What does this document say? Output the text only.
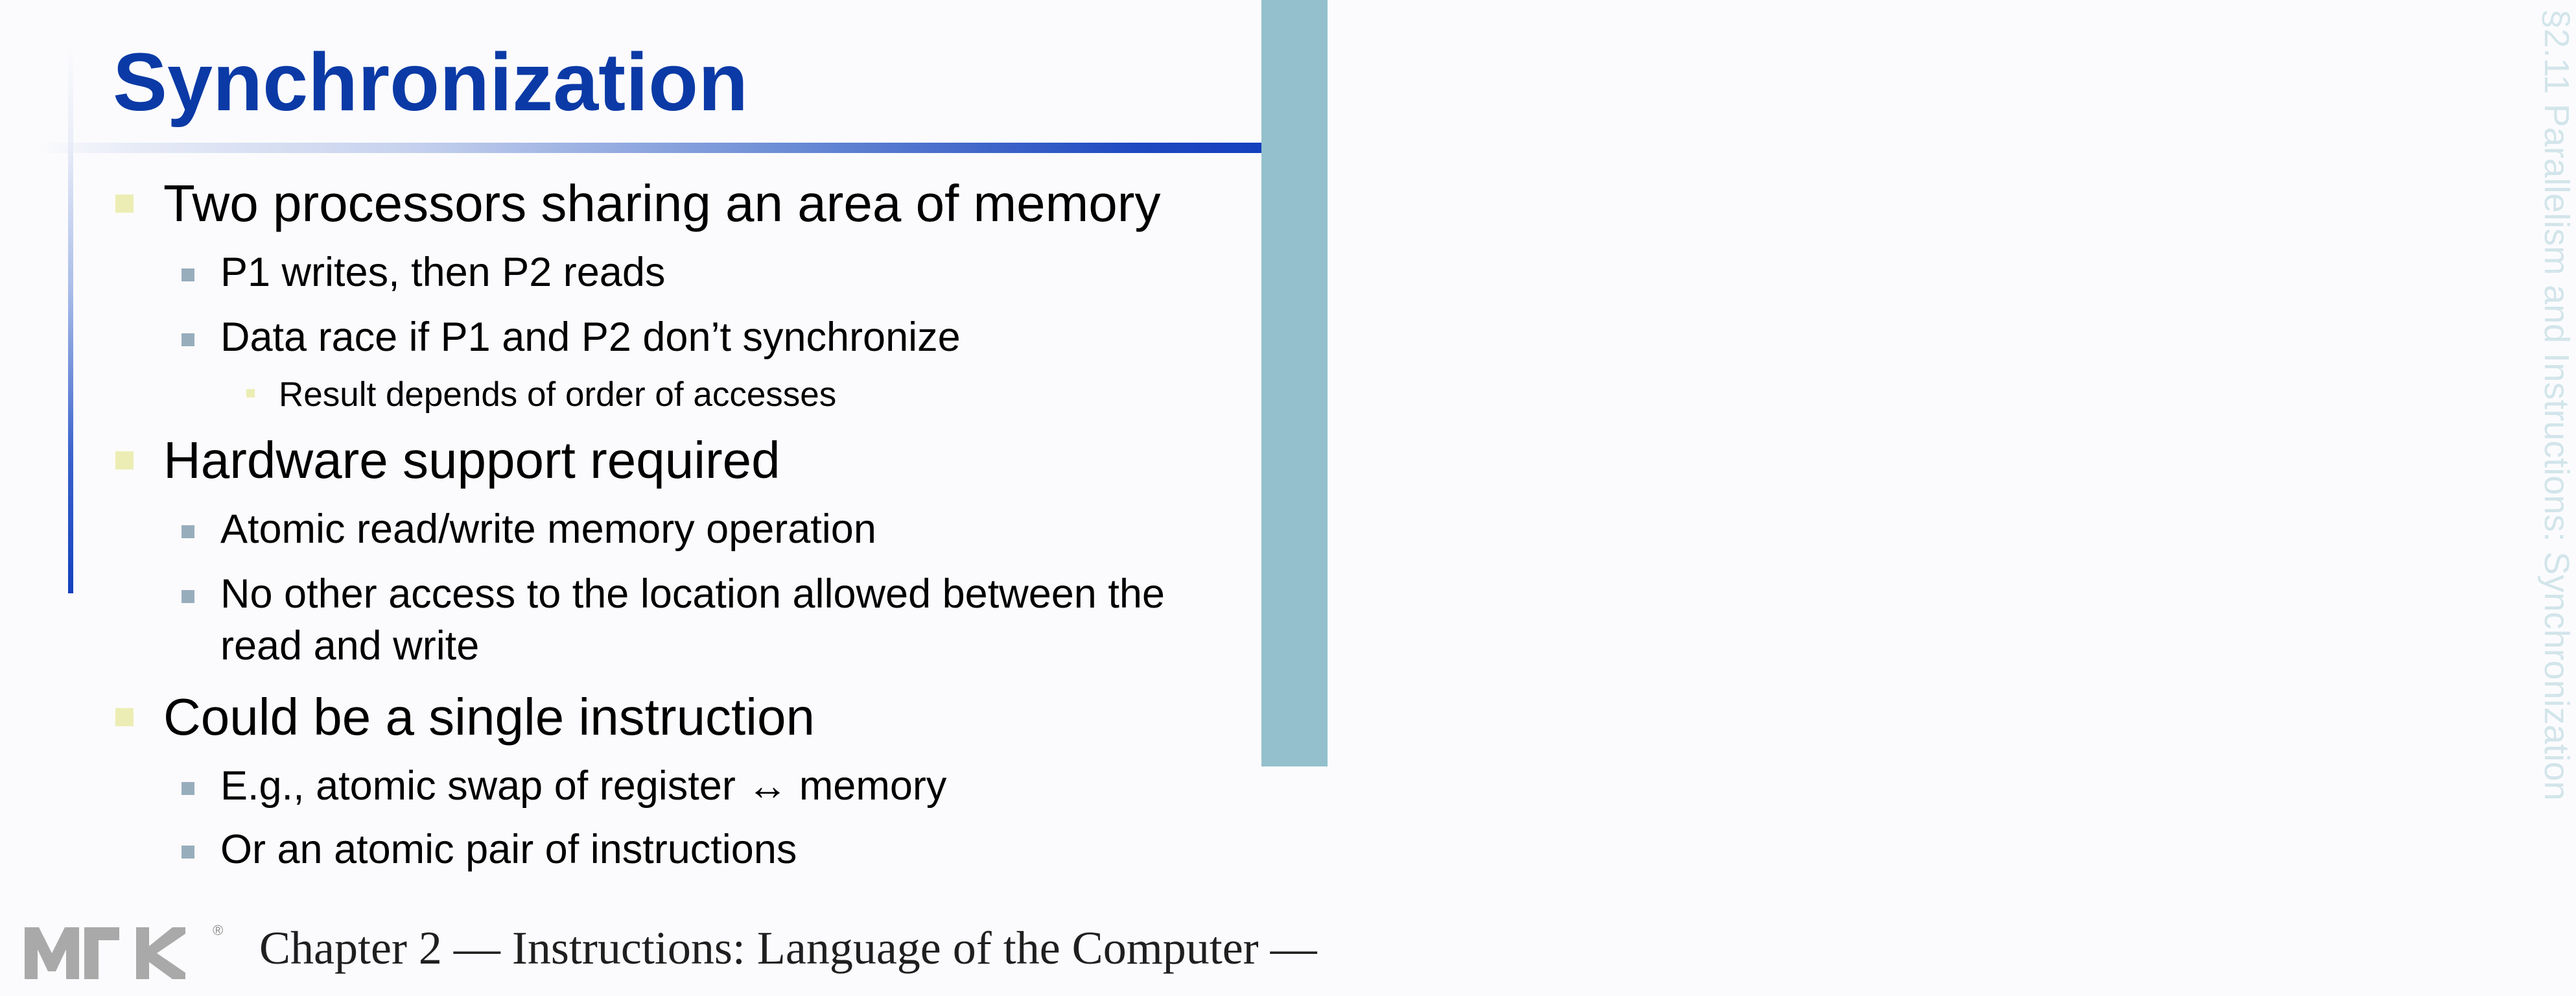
Synchronization	§2.11 Parallelism and Instructions: Synchronization
Two processors sharing an area of memory
P1 writes, then P2 reads
Data race if P1 and P2 don’t synchronize
Result depends of order of accesses
Hardware support required
Atomic read/write memory operation
No other access to the location allowed between the
read and write
Could be a single instruction
E.g., atomic swap of register ↔ memory
Or an atomic pair of instructions
® Chapter 2 — Instructions: Language of the Computer —
